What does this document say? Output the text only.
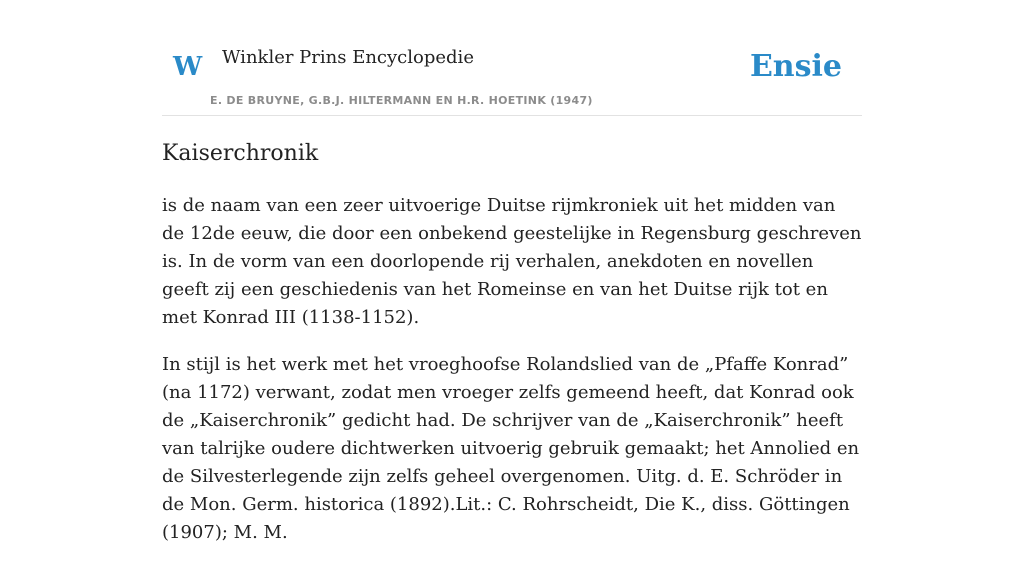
W Winkler Prins Encyclopedie
E. DE BRUYNE, G.B.J. HILTERMANN EN H.R. HOETINK (1947)
Ensie
Kaiserchronik

is de naam van een zeer uitvoerige Duitse rijmkroniek uit het midden van de 12de eeuw, die door een onbekend geestelijke in Regensburg geschreven is. In de vorm van een doorlopende rij verhalen, anekdoten en novellen geeft zij een geschiedenis van het Romeinse en van het Duitse rijk tot en met Konrad III (1138-1152).

In stijl is het werk met het vroeghoofse Rolandslied van de „Pfaffe Konrad” (na 1172) verwant, zodat men vroeger zelfs gemeend heeft, dat Konrad ook de „Kaiserchronik” gedicht had. De schrijver van de „Kaiserchronik” heeft van talrijke oudere dichtwerken uitvoerig gebruik gemaakt; het Annolied en de Silvesterlegende zijn zelfs geheel overgenomen. Uitg. d. E. Schröder in de Mon. Germ. historica (1892).Lit.: C. Rohrscheidt, Die K., diss. Göttingen (1907); M. M.
